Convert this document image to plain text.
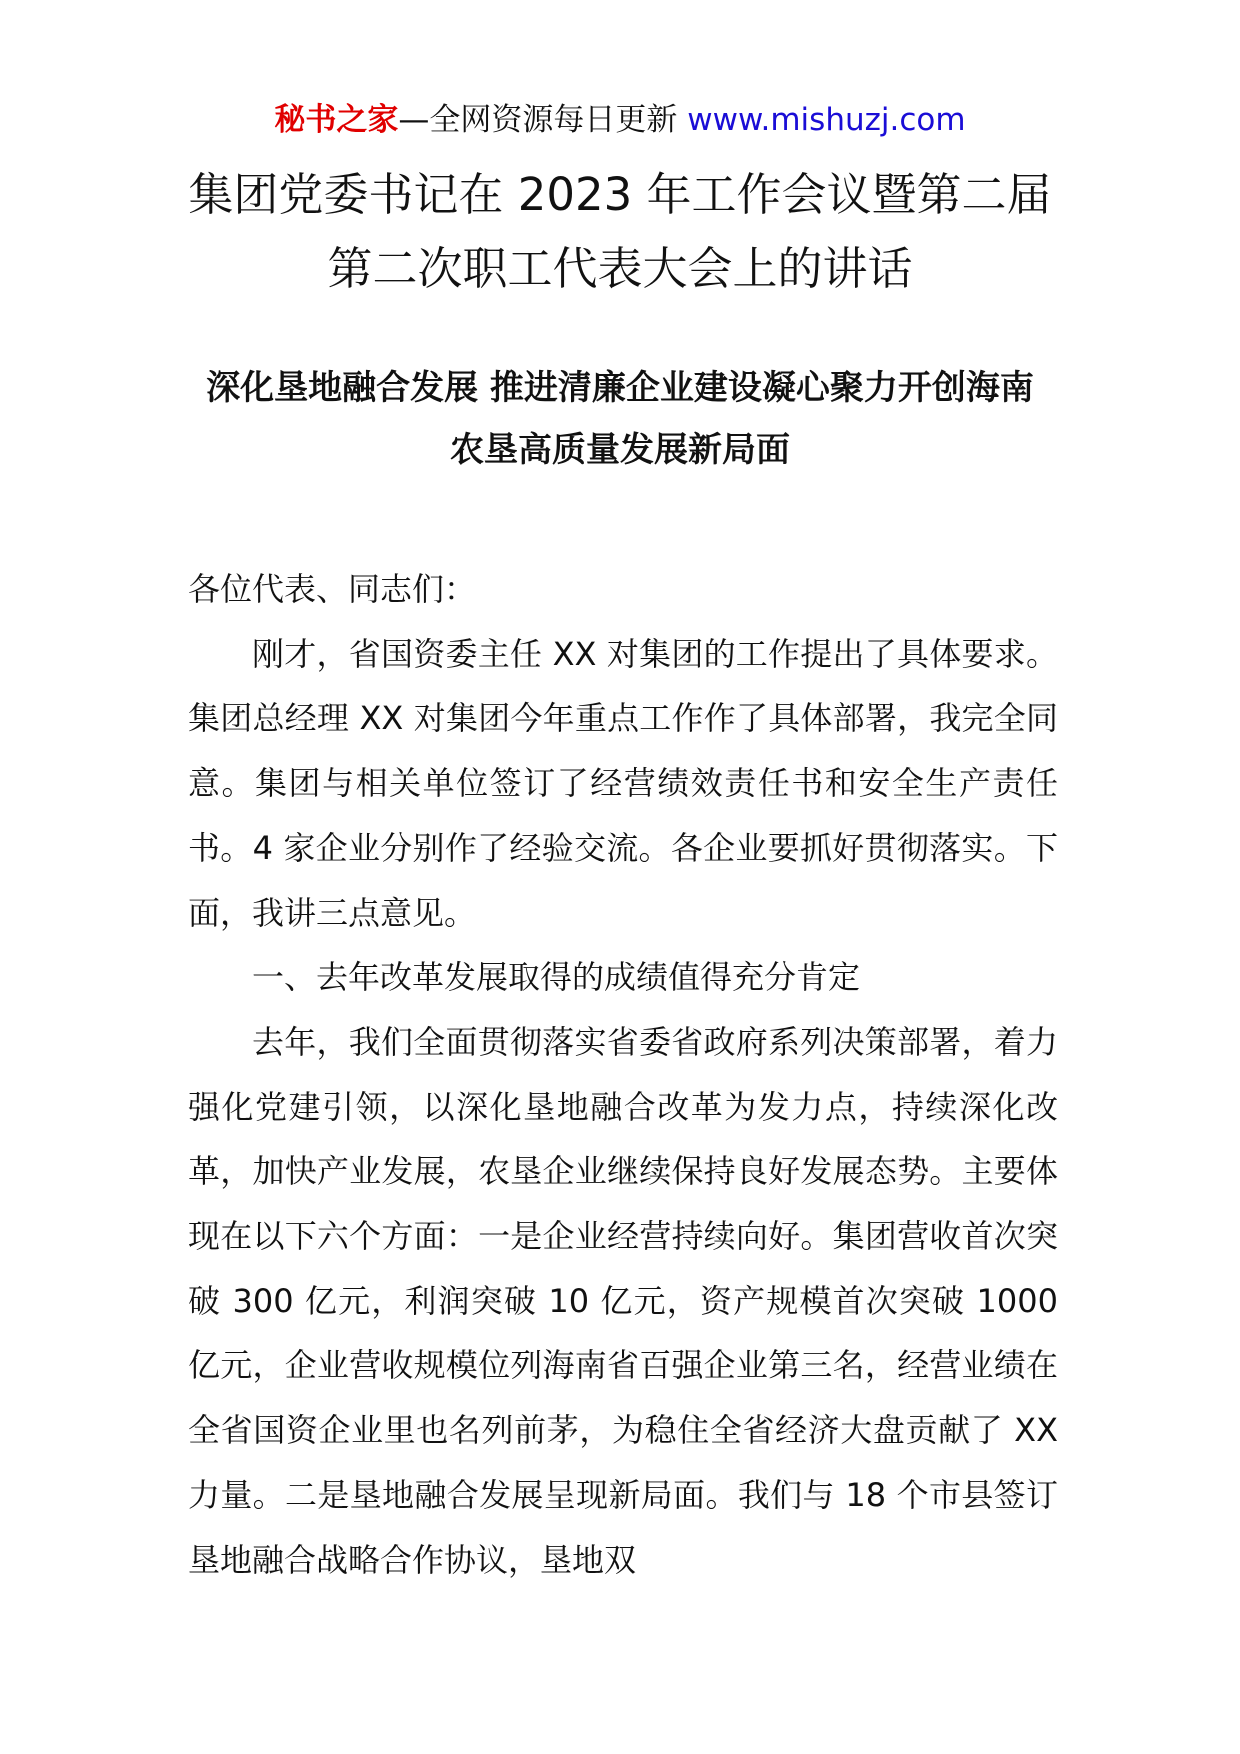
秘书之家—全网资源每日更新 www.mishuzj.com
集团党委书记在 2023 年工作会议暨第二届
第二次职工代表大会上的讲话
深化垦地融合发展 推进清廉企业建设凝心聚力开创海南
农垦高质量发展新局面

各位代表、同志们：

刚才，省国资委主任 XX 对集团的工作提出了具体要求。集团总经理 XX 对集团今年重点工作作了具体部署，我完全同意。集团与相关单位签订了经营绩效责任书和安全生产责任书。4 家企业分别作了经验交流。各企业要抓好贯彻落实。下面，我讲三点意见。

一、去年改革发展取得的成绩值得充分肯定

去年，我们全面贯彻落实省委省政府系列决策部署，着力强化党建引领，以深化垦地融合改革为发力点，持续深化改革，加快产业发展，农垦企业继续保持良好发展态势。主要体现在以下六个方面：一是企业经营持续向好。集团营收首次突破 300 亿元，利润突破 10 亿元，资产规模首次突破 1000 亿元，企业营收规模位列海南省百强企业第三名，经营业绩在全省国资企业里也名列前茅，为稳住全省经济大盘贡献了 XX 力量。二是垦地融合发展呈现新局面。我们与 18 个市县签订垦地融合战略合作协议，垦地双
